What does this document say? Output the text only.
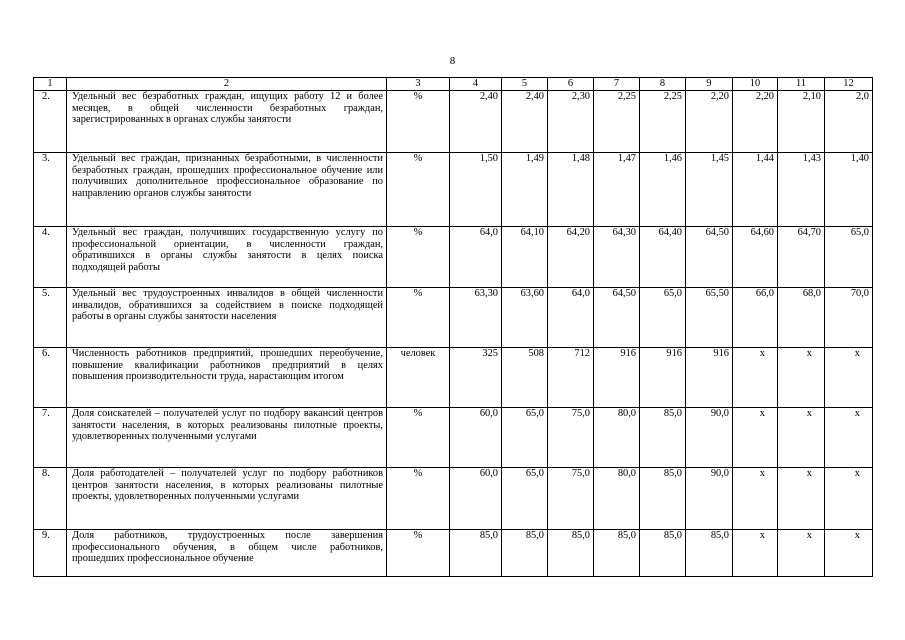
8
1	2	3	4	5	6	7	8	9	10	11	12
2.	Удельный вес безработных граждан, ищущих работу 12 и более месяцев, в общей численности безработных граждан, зарегистрированных в органах службы занятости	%	2,40	2,40	2,30	2,25	2,25	2,20	2,20	2,10	2,0
3.	Удельный вес граждан, признанных безработными, в численности безработных граждан, прошедших профессиональное обучение или получивших дополнительное профессиональное образование по направлению органов службы занятости	%	1,50	1,49	1,48	1,47	1,46	1,45	1,44	1,43	1,40
4.	Удельный вес граждан, получивших государственную услугу по профессиональной ориентации, в численности граждан, обратившихся в органы службы занятости в целях поиска подходящей работы	%	64,0	64,10	64,20	64,30	64,40	64,50	64,60	64,70	65,0
5.	Удельный вес трудоустроенных инвалидов в общей численности инвалидов, обратившихся за содействием в поиске подходящей работы в органы службы занятости населения	%	63,30	63,60	64,0	64,50	65,0	65,50	66,0	68,0	70,0
6.	Численность работников предприятий, прошедших переобучение, повышение квалификации работников предприятий в целях повышения производительности труда, нарастающим итогом	человек	325	508	712	916	916	916	х	х	х
7.	Доля соискателей – получателей услуг по подбору вакансий центров занятости населения, в которых реализованы пилотные проекты, удовлетворенных полученными услугами	%	60,0	65,0	75,0	80,0	85,0	90,0	х	х	х
8.	Доля работодателей – получателей услуг по подбору работников центров занятости населения, в которых реализованы пилотные проекты, удовлетворенных полученными услугами	%	60,0	65,0	75,0	80,0	85,0	90,0	х	х	х
9.	Доля работников, трудоустроенных после завершения профессионального обучения, в общем числе работников, прошедших профессиональное обучение	%	85,0	85,0	85,0	85,0	85,0	85,0	х	х	х
